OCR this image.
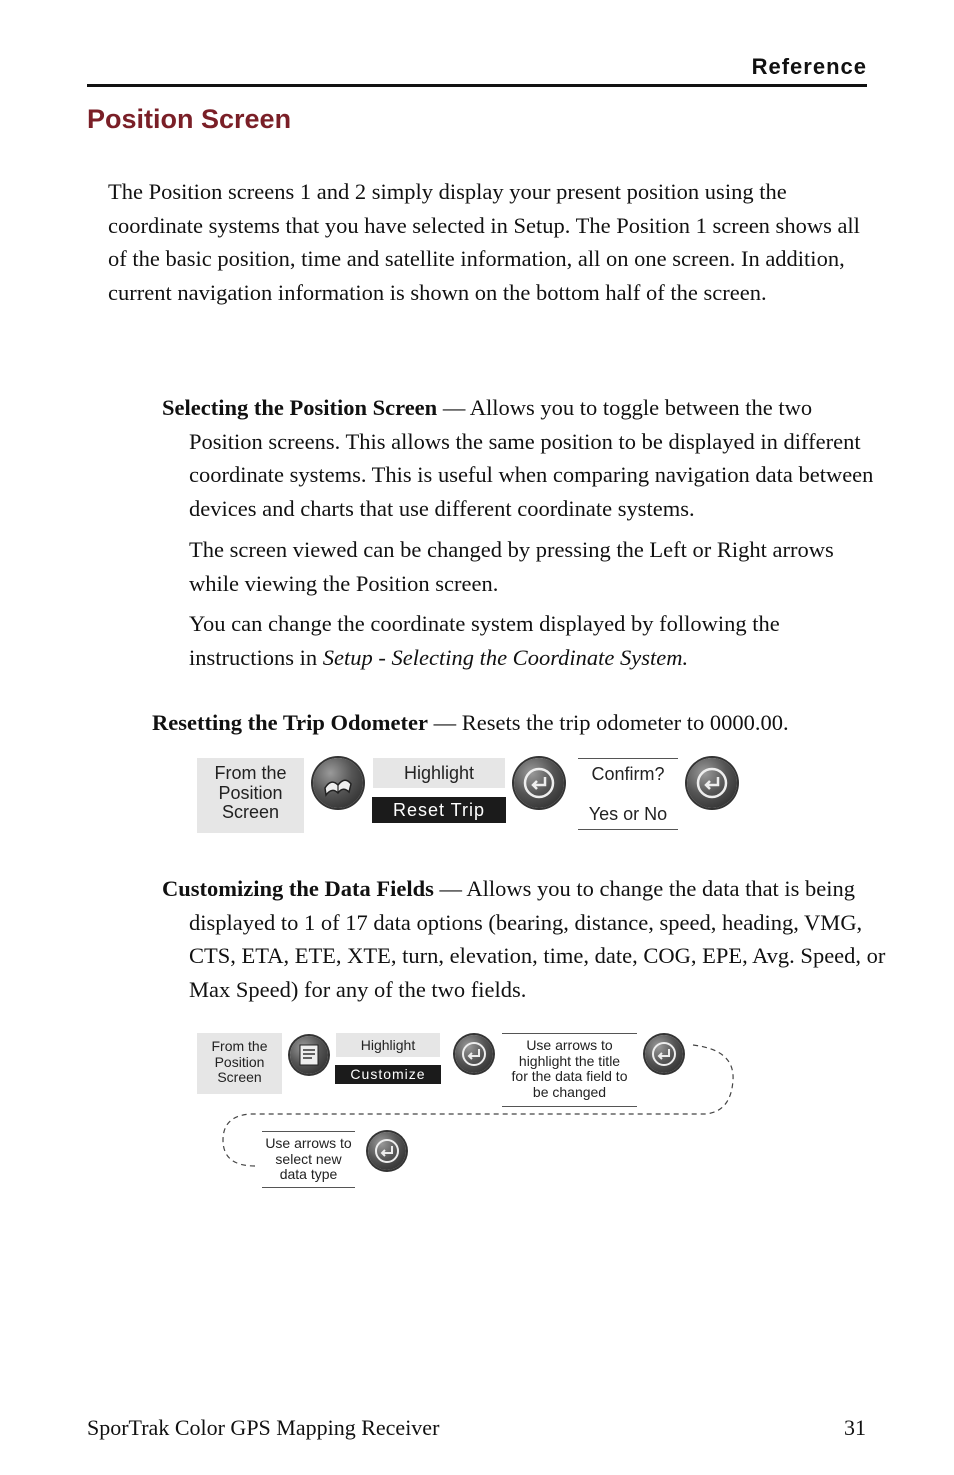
Reference
Position Screen
The Position screens 1 and 2 simply display your present position using the coordinate systems that you have selected in Setup. The Position 1 screen shows all of the basic position, time and satellite information, all on one screen. In addition, current navigation information is shown on the bottom half of the screen.

Selecting the Position Screen — Allows you to toggle between the two Position screens. This allows the same position to be displayed in different coordinate systems. This is useful when comparing navigation data between devices and charts that use different coordinate systems.

The screen viewed can be changed by pressing the Left or Right arrows while viewing the Position screen.
You can change the coordinate system displayed by following the instructions in Setup - Selecting the Coordinate System.

Resetting the Trip Odometer — Resets the trip odometer to 0000.00.

From the
Position
Screen
Highlight
Reset Trip
Confirm?
Yes or No

Customizing the Data Fields — Allows you to change the data that is being displayed to 1 of 17 data options (bearing, distance, speed, heading, VMG, CTS, ETA, ETE, XTE, turn, elevation, time, date, COG, EPE, Avg. Speed, or Max Speed) for any of the two fields.

From the
Position
Screen
Highlight
Customize
Use arrows to
highlight the title
for the data field to
be changed
Use arrows to
select new
data type
SporTrak Color GPS Mapping Receiver	31
